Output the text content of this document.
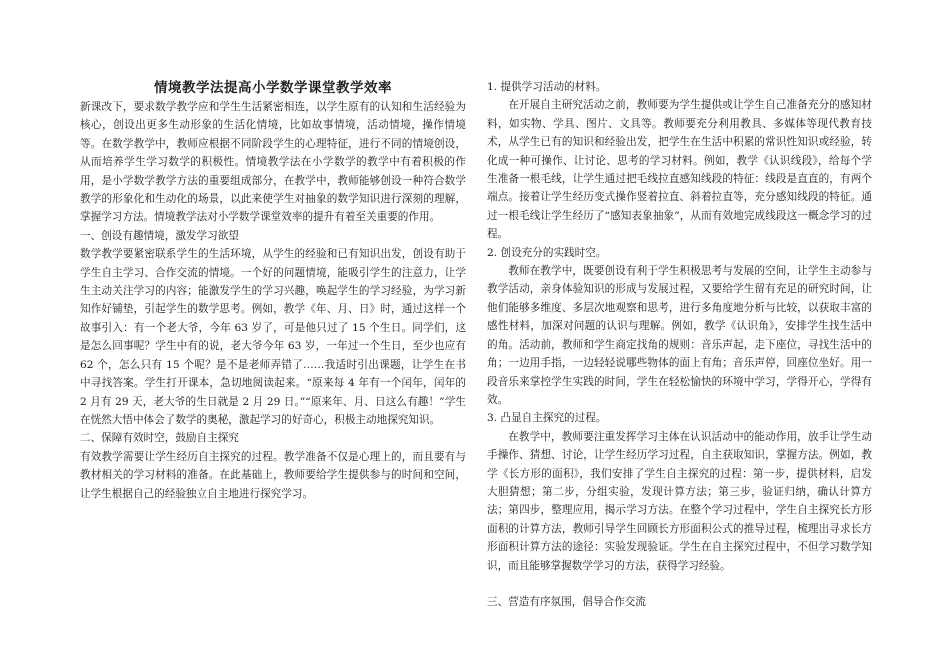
情境教学法提高小学数学课堂教学效率

新课改下，要求数学教学应和学生生活紧密相连，以学生原有的认知和生活经验为核心，创设出更多生动形象的生活化情境，比如故事情境，活动情境，操作情境等。在数学教学中，教师应根据不同阶段学生的心理特征，进行不同的情境创设，从而培养学生学习数学的积极性。情境教学法在小学数学的教学中有着积极的作用，是小学数学教学方法的重要组成部分，在教学中，教师能够创设一种符合数学教学的形象化和生动化的场景，以此来使学生对抽象的数学知识进行深刻的理解，掌握学习方法。情境教学法对小学数学课堂效率的提升有着至关重要的作用。

一、创设有趣情境，激发学习欲望

数学教学要紧密联系学生的生活环境，从学生的经验和已有知识出发，创设有助于学生自主学习、合作交流的情境。一个好的问题情境，能吸引学生的注意力，让学生主动关注学习的内容；能激发学生的学习兴趣，唤起学生的学习经验，为学习新知作好铺垫，引起学生的数学思考。例如，教学《年、月、日》时，通过这样一个故事引入：有一个老大爷，今年 63 岁了，可是他只过了 15 个生日。同学们，这是怎么回事呢？学生中有的说，老大爷今年 63 岁，一年过一个生日，至少也应有 62 个，怎么只有 15 个呢？是不是老师弄错了……我适时引出课题，让学生在书中寻找答案。学生打开课本，急切地阅读起来。“原来每 4 年有一个闰年，闰年的 2 月有 29 天，老大爷的生日就是 2 月 29 日。”“原来年、月、日这么有趣！”学生在恍然大悟中体会了数学的奥秘，激起学习的好奇心，积极主动地探究知识。

二、保障有效时空，鼓励自主探究

有效教学需要让学生经历自主探究的过程。教学准备不仅是心理上的，而且要有与教材相关的学习材料的准备。在此基础上，教师要给学生提供参与的时间和空间，让学生根据自己的经验独立自主地进行探究学习。

1. 提供学习活动的材料。

在开展自主研究活动之前，教师要为学生提供或让学生自己准备充分的感知材料，如实物、学具、图片、文具等。教师要充分利用教具、多媒体等现代教育技术，从学生已有的知识和经验出发，把学生在生活中积累的常识性知识或经验，转化成一种可操作、让讨论、思考的学习材料。例如，教学《认识线段》，给每个学生准备一根毛线，让学生通过把毛线拉直感知线段的特征：线段是直直的，有两个端点。接着让学生经历变式操作竖着拉直、斜着拉直等，充分感知线段的特征。通过一根毛线让学生经历了“感知表象抽象”，从而有效地完成线段这一概念学习的过程。

2. 创设充分的实践时空。

教师在教学中，既要创设有利于学生积极思考与发展的空间，让学生主动参与教学活动，亲身体验知识的形成与发展过程，又要给学生留有充足的研究时间，让他们能够多维度、多层次地观察和思考，进行多角度地分析与比较，以获取丰富的感性材料，加深对问题的认识与理解。例如，教学《认识角》，安排学生找生活中的角。活动前，教师和学生商定找角的规则：音乐声起，走下座位，寻找生活中的角；一边用手指，一边轻轻说哪些物体的面上有角；音乐声停，回座位坐好。用一段音乐来掌控学生实践的时间，学生在轻松愉快的环境中学习，学得开心，学得有效。

3. 凸显自主探究的过程。

在教学中，教师要注重发挥学习主体在认识活动中的能动作用，放手让学生动手操作、猜想、讨论，让学生经历学习过程，自主获取知识，掌握方法。例如，教学《长方形的面积》，我们安排了学生自主探究的过程：第一步，提供材料，启发大胆猜想；第二步，分组实验，发现计算方法；第三步，验证归纳，确认计算方法；第四步，整理应用，揭示学习方法。在整个学习过程中，学生自主探究长方形面积的计算方法，教师引导学生回顾长方形面积公式的推导过程，梳理出寻求长方形面积计算方法的途径：实验发现验证。学生在自主探究过程中，不但学习数学知识，而且能够掌握数学学习的方法，获得学习经验。

三、营造有序氛围，倡导合作交流
